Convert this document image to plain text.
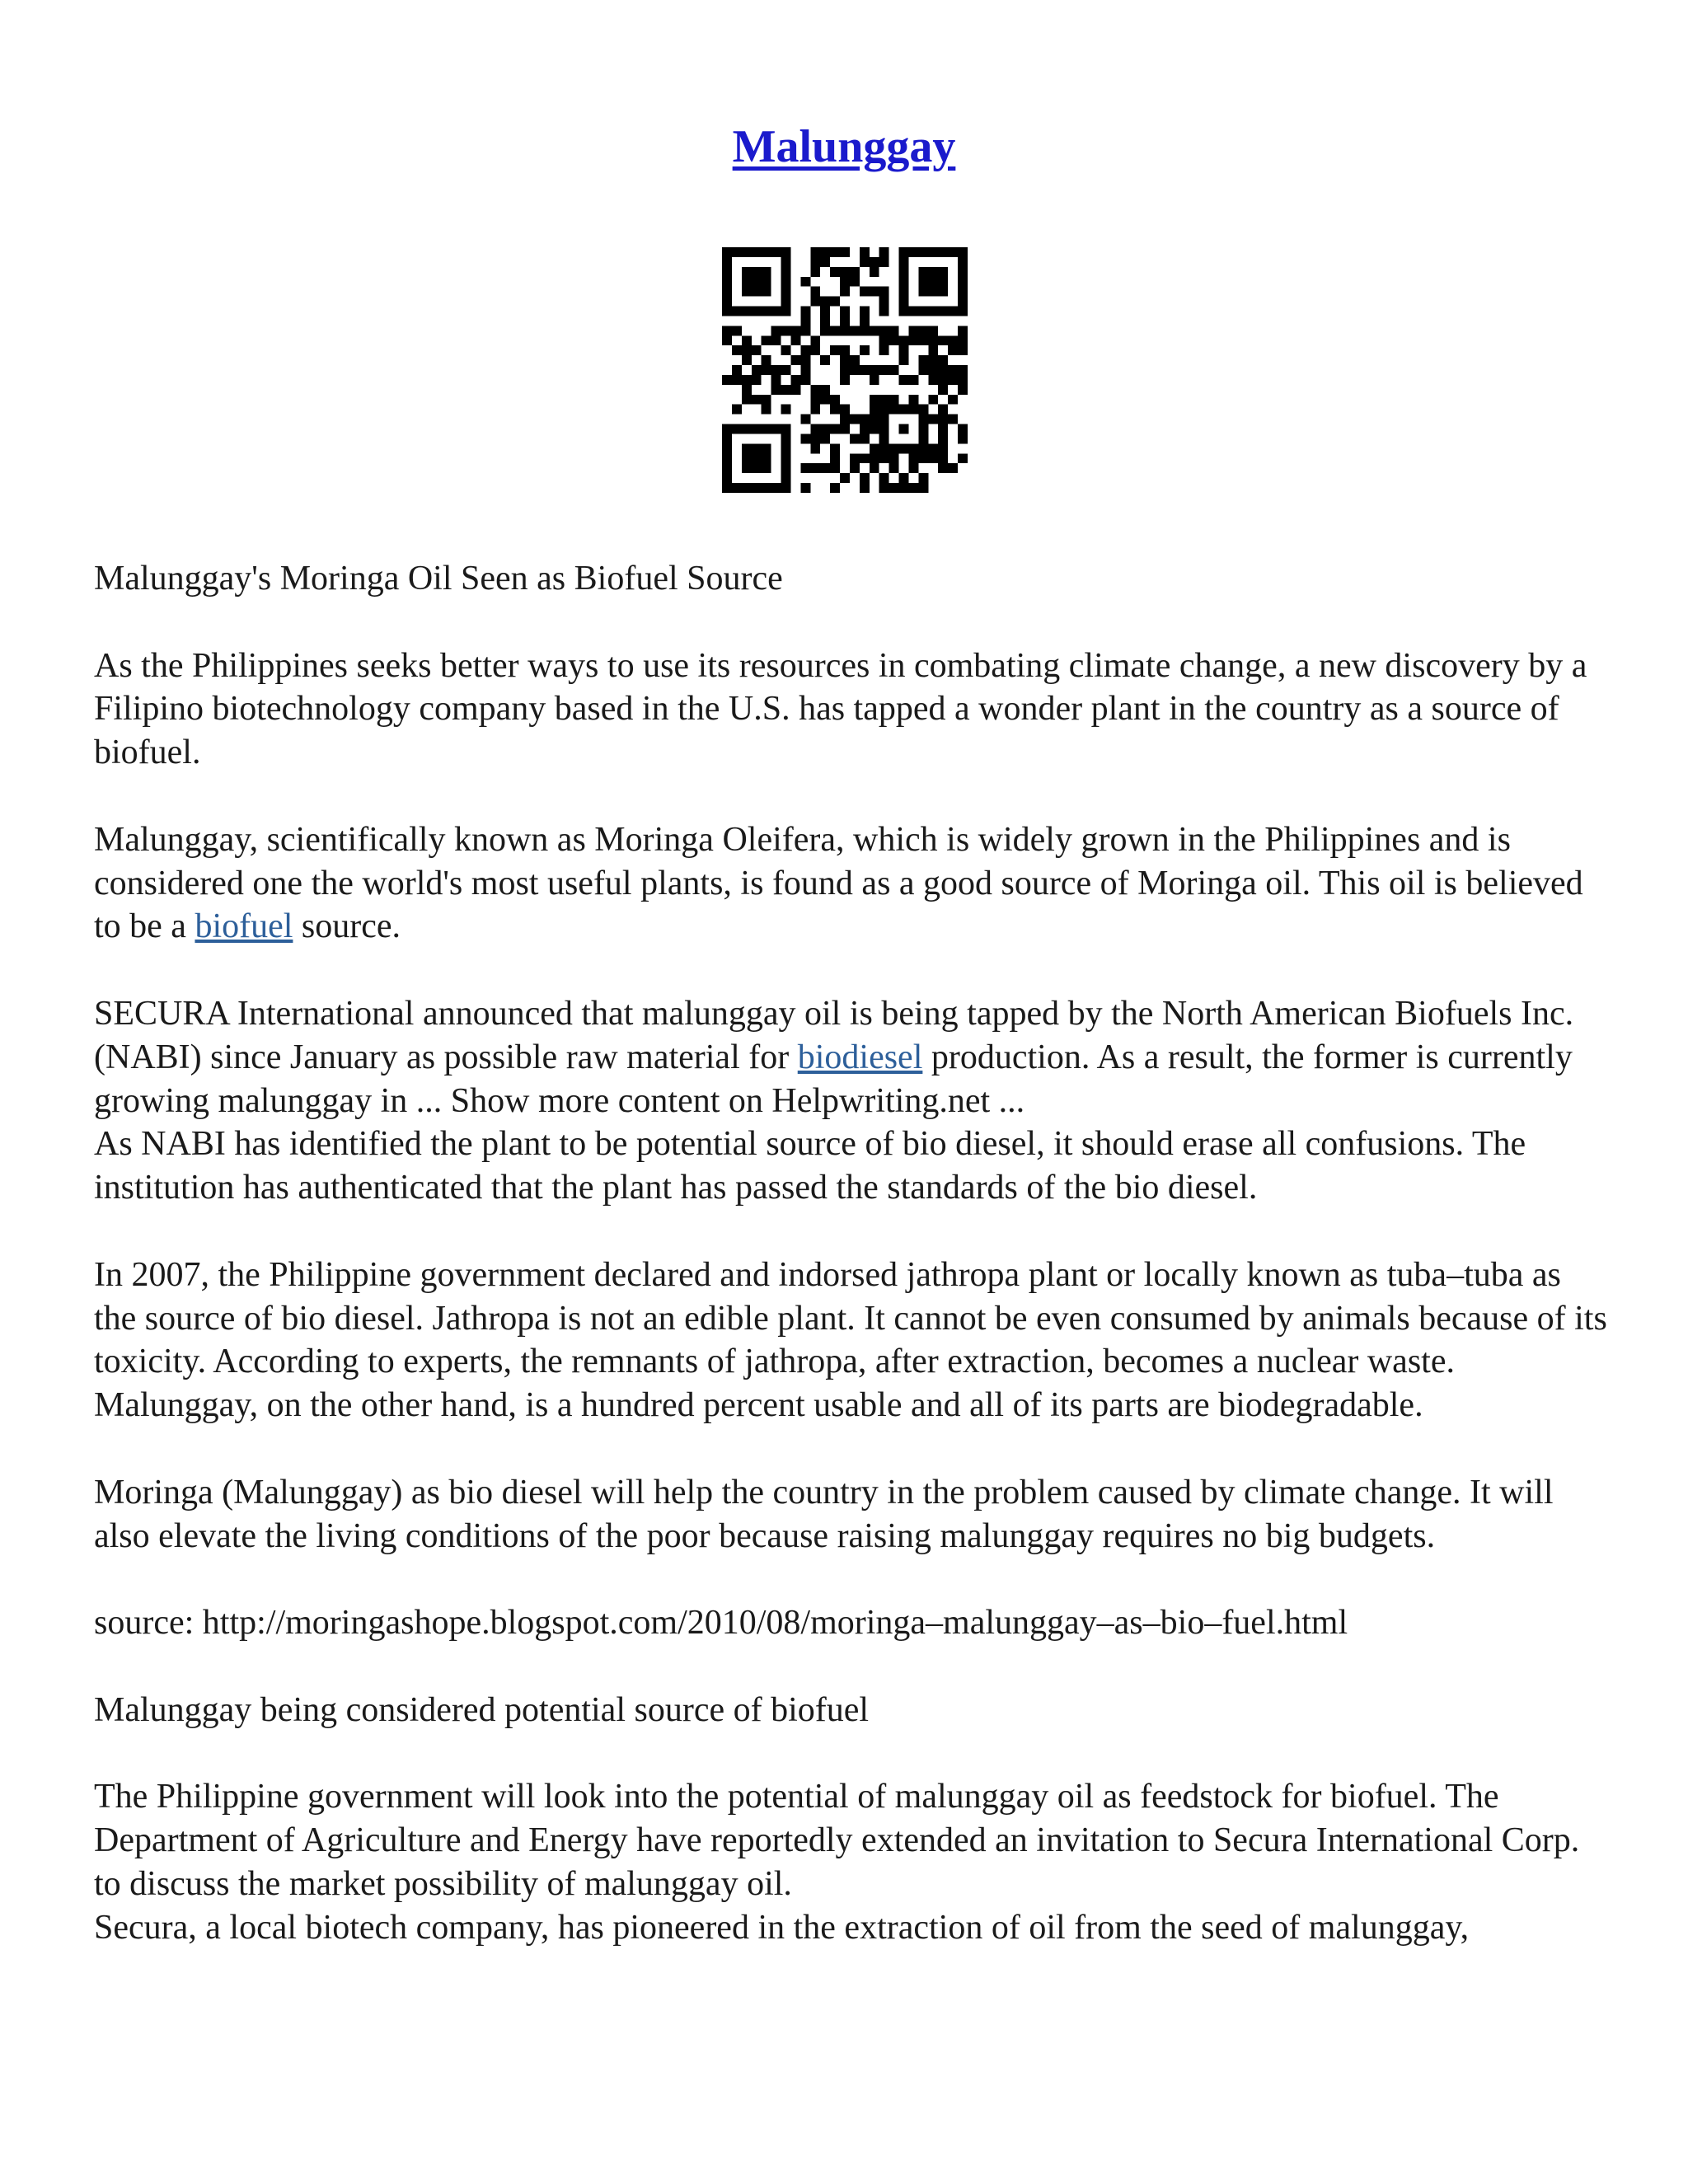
Malunggay

Malunggay's Moringa Oil Seen as Biofuel Source

As the Philippines seeks better ways to use its resources in combating climate change, a new discovery by a Filipino biotechnology company based in the U.S. has tapped a wonder plant in the country as a source of biofuel.

Malunggay, scientifically known as Moringa Oleifera, which is widely grown in the Philippines and is considered one the world's most useful plants, is found as a good source of Moringa oil. This oil is believed to be a biofuel source.

SECURA International announced that malunggay oil is being tapped by the North American Biofuels Inc. (NABI) since January as possible raw material for biodiesel production. As a result, the former is currently growing malunggay in ... Show more content on Helpwriting.net ...

As NABI has identified the plant to be potential source of bio diesel, it should erase all confusions. The institution has authenticated that the plant has passed the standards of the bio diesel.

In 2007, the Philippine government declared and indorsed jathropa plant or locally known as tuba–tuba as the source of bio diesel. Jathropa is not an edible plant. It cannot be even consumed by animals because of its toxicity. According to experts, the remnants of jathropa, after extraction, becomes a nuclear waste. Malunggay, on the other hand, is a hundred percent usable and all of its parts are biodegradable.

Moringa (Malunggay) as bio diesel will help the country in the problem caused by climate change. It will also elevate the living conditions of the poor because raising malunggay requires no big budgets.

source: http://moringashope.blogspot.com/2010/08/moringa–malunggay–as–bio–fuel.html

Malunggay being considered potential source of biofuel

The Philippine government will look into the potential of malunggay oil as feedstock for biofuel. The Department of Agriculture and Energy have reportedly extended an invitation to Secura International Corp. to discuss the market possibility of malunggay oil.

Secura, a local biotech company, has pioneered in the extraction of oil from the seed of malunggay,
